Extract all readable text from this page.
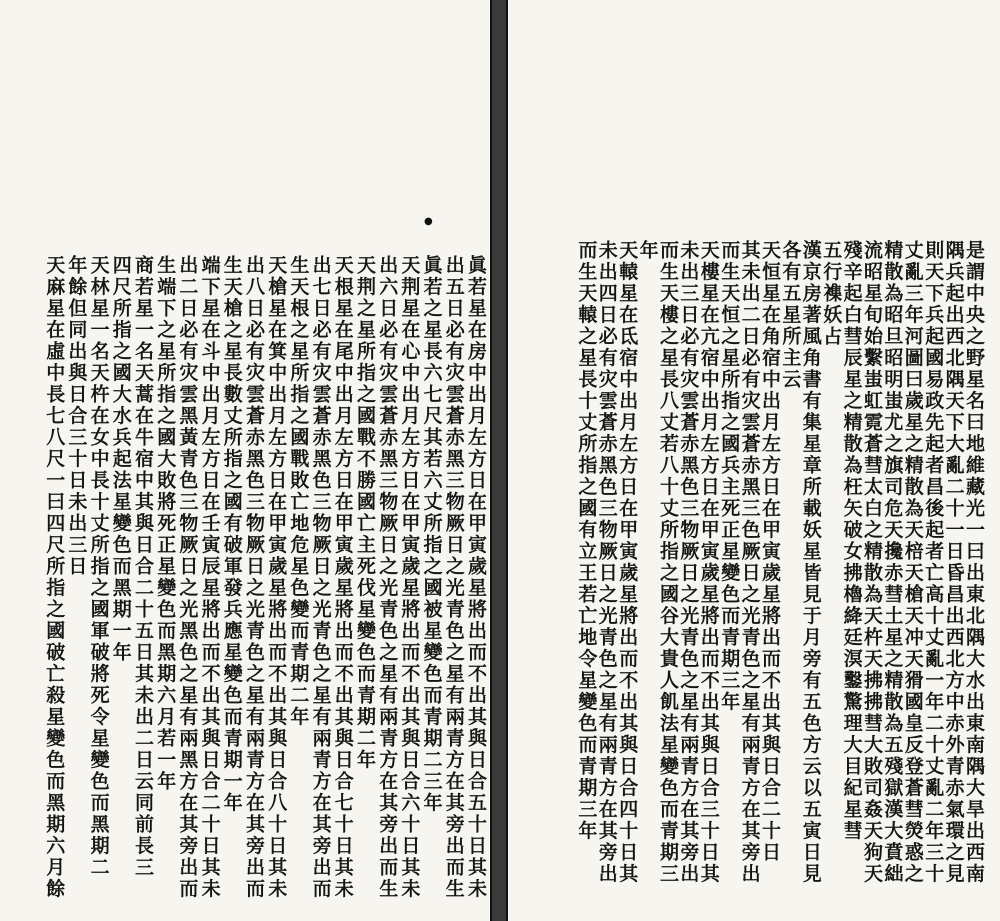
●
眞若星在房中出月左方日在甲寅歲星將出而不出其與日合五十日其未
出五日必有灾雲蒼赤黑三物厥日之光青色之星有兩青方在其旁出而生
眞若之星長六七尺其若六丈所指之國被星變色而青期二三年
天荆星在心中出月左方日在甲寅歲星將出而不出其與日合六十日其未
出六日必有灾雲蒼赤黑三物厥日之光青色之星有兩青方在其旁出而生
天荆之星所指之國戰不勝國亡主死伐星變色而青期二年
天根星在尾中出月左方日在甲寅歲星將出而不出其與日合七十日其未
出七日必有灾雲蒼赤黑色三物厥日之光青色之星有兩青方在其旁出而
生天根之星所指之國戰敗亡地危星色變而青期二年
天槍星在箕中出月左方日在甲寅歲星將出而不出其與日合八十日其未
出八日必有灾雲蒼赤黑色三物厥日之光青色之星有兩青方在其旁出而
生天槍之星長數丈所指之國有破軍發兵應星變色而青期一年
端下星在斗中出月左方日在壬寅辰星將出而不出其與日合二十日其未
出二日必有灾雲黑黃青色三物厥日之光黑色之星有兩黑方在其旁出而
生端下之星所指之國大敗將死正星變色而黑期六月若一年
商若星一名天蒿在牛宿中其與日合二十五日其未出二日云同前長三
四尺所指之國大水兵起法星變色而黑期一年
天林星一名天杵在女中長十丈所指之國軍破將死令星變色而黑期二
年餘但同出與日合三十日未出三日
天麻星在虛中長七八尺一曰四尺所指之國破亡殺星變色而黑期六月餘	是謂中央之野星名曰地維藏光一曰出東北隅大水出東南隅大旱出西南
隅兵起出西北隅天下大亂二十一日昏昌出西北方中赤外青赤氣環之見
則天下兵起國易政先起者昌後起者亡高十丈亂一年二十丈亂二年三十
丈亂三年河圖曰歲星之精散為天棓天槍天冲天猾國皇反登蒼彗熒惑之
精散為昭旦昭明蚩尤之旗司危天攙赤彗土星之精散為五殘獄漢大賁絀
流昭星旬始繫蚩虹霓蒼彗太白之精散為天杵天拂拂彗大敗司姦天狗天
殘辛起白彗辰星之精散為枉矢破女拂櫓絳廷溟鑿驚理大目紀星彗
五行襍妖占
漢京房著風角書有集星章所載妖星皆見于月旁有五色方云以五寅日見
各有五星所主云
天恒星在角宿中出月左方日在甲寅歲星將出而不出其與日合二十日
其未出二日必有灾雲蒼赤黑三色厥日之光青色之星有兩青方在其旁出
而生天恒之星所指之國兵主死正星變色而青期三年
天樓星在亢宿中出月左方日在甲寅歲星將出而不出其與日合三十日其
未出三日必有灾雲蒼赤黑色三物厥日之光青色之星有兩青方在其旁出
而生天樓之星長八丈若八十丈所指之國谷大貴人飢法星變色而青期三
年
天轅星在氐宿中出月左方日在甲寅歲星將出而不出其與日合四十日其
未出四日必有灾雲蒼赤黑色三物厥日之光青色之星有兩青方在其旁出
而生天轅之星長十丈所指之國有立王若亡地令星變色而青期三年
